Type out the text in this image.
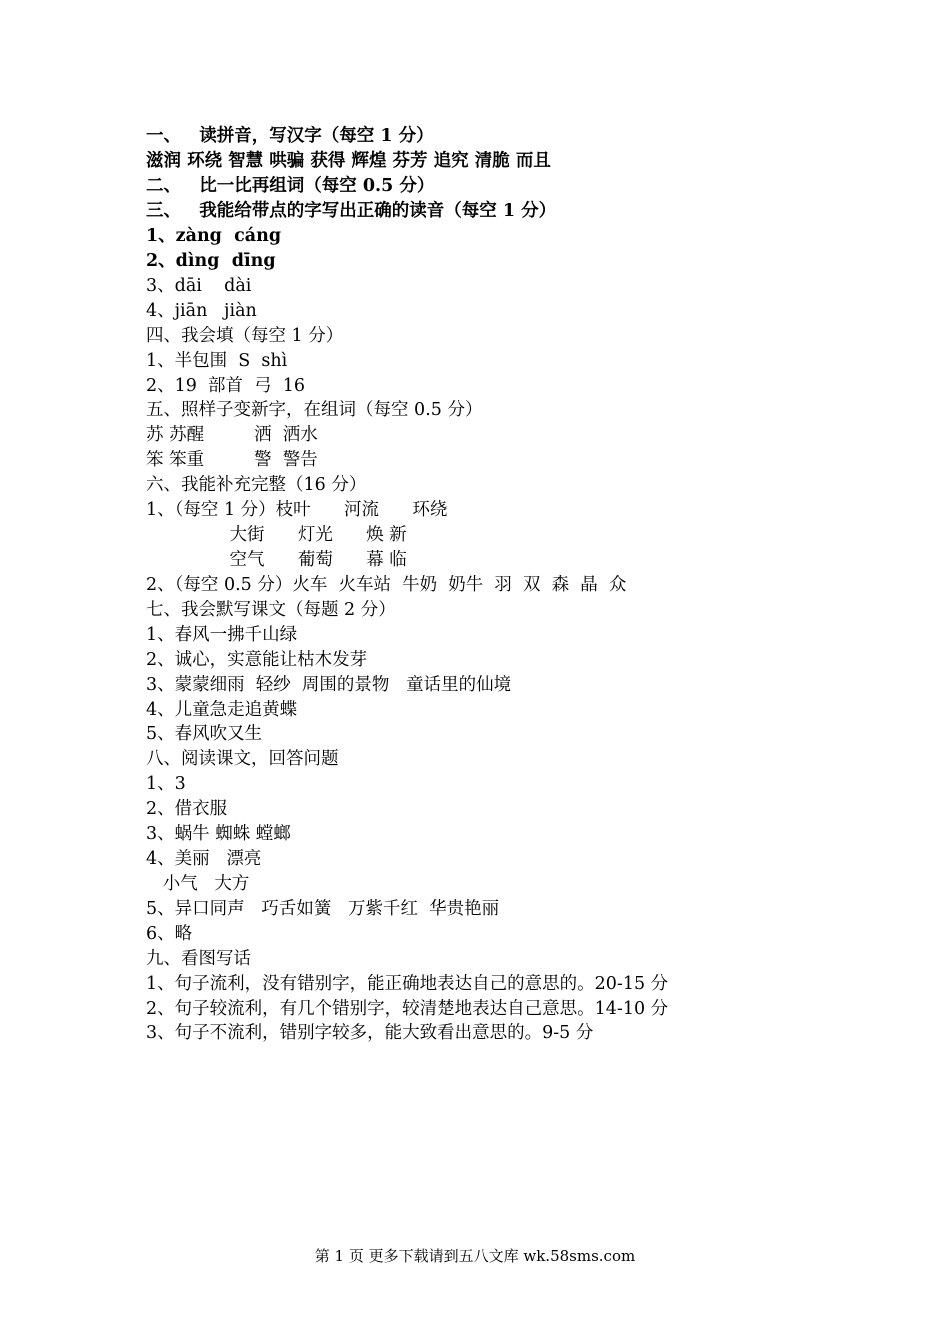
一、   读拼音，写汉字（每空 1 分）
滋润 环绕 智慧 哄骗 获得 辉煌 芬芳 追究 清脆 而且
二、   比一比再组词（每空 0.5 分）
三、   我能给带点的字写出正确的读音（每空 1 分）
1、zàng  cáng
2、dìng  dīng
3、dāi    dài
4、jiān   jiàn
四、我会填（每空 1 分）
1、半包围  S  shì
2、19  部首  弓  16
五、照样子变新字，在组词（每空 0.5 分）
苏 苏醒         洒  洒水
笨 笨重         警  警告
六、我能补充完整（16 分）
1、（每空 1 分）枝叶      河流      环绕
大街      灯光      焕 新
空气      葡萄      幕 临
2、（每空 0.5 分）火车  火车站  牛奶  奶牛  羽  双  森  晶  众
七、我会默写课文（每题 2 分）
1、春风一拂千山绿
2、诚心，实意能让枯木发芽
3、蒙蒙细雨  轻纱  周围的景物   童话里的仙境
4、儿童急走追黄蝶
5、春风吹又生
八、阅读课文，回答问题
1、3
2、借衣服
3、蜗牛 蜘蛛 螳螂
4、美丽   漂亮
小气   大方
5、异口同声   巧舌如簧   万紫千红  华贵艳丽
6、略
九、看图写话
1、句子流利，没有错别字，能正确地表达自己的意思的。20-15 分
2、句子较流利，有几个错别字，较清楚地表达自己意思。14-10 分
3、句子不流利，错别字较多，能大致看出意思的。9-5 分
第 1 页 更多下载请到五八文库 wk.58sms.com
